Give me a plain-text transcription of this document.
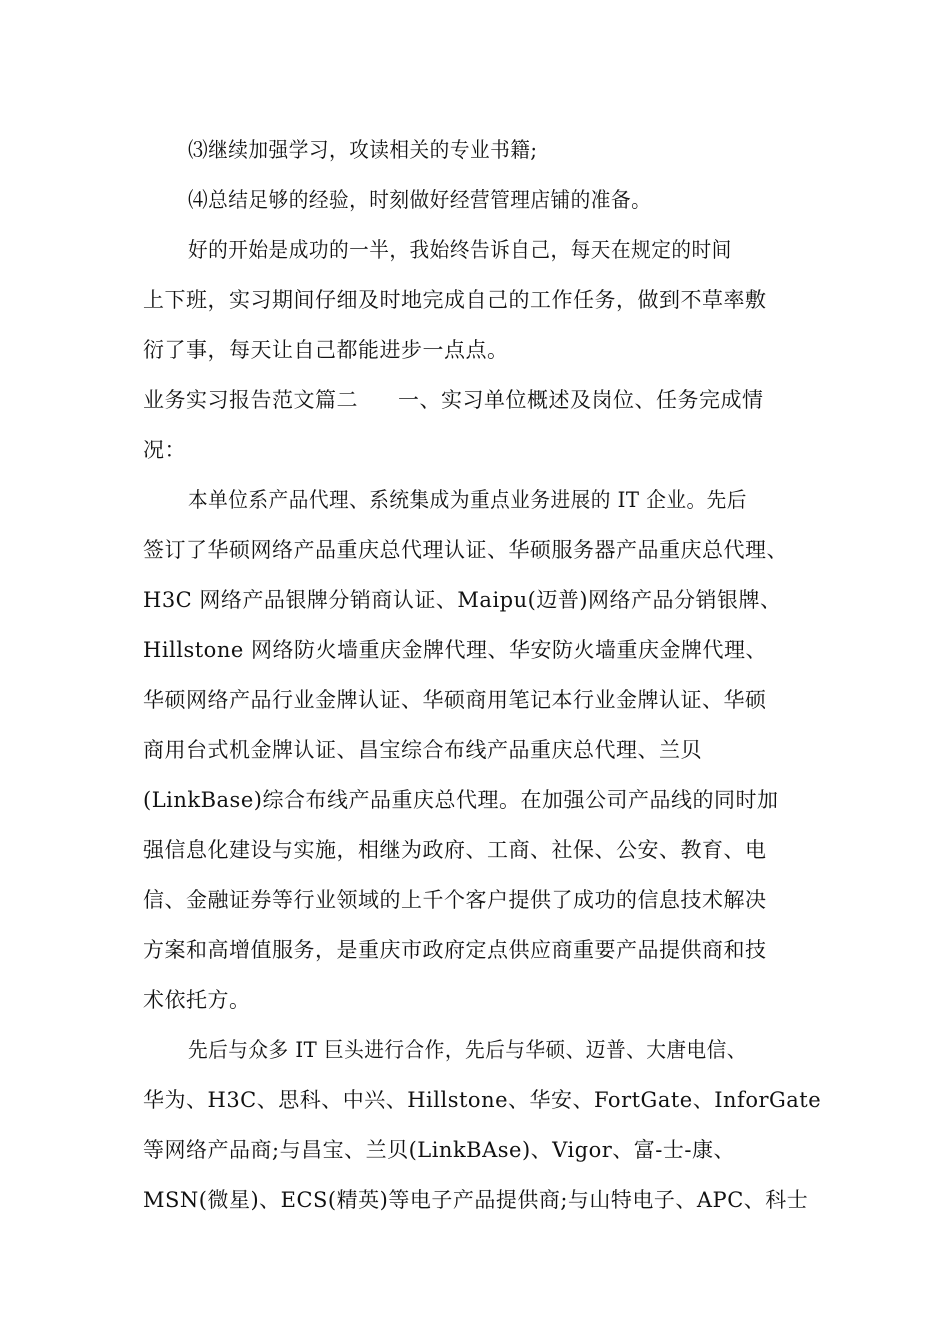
⑶继续加强学习，攻读相关的专业书籍;
⑷总结足够的经验，时刻做好经营管理店铺的准备。
好的开始是成功的一半，我始终告诉自己，每天在规定的时间
上下班，实习期间仔细及时地完成自己的工作任务，做到不草率敷
衍了事，每天让自己都能进步一点点。
业务实习报告范文篇二 一、实习单位概述及岗位、任务完成情
况：
本单位系产品代理、系统集成为重点业务进展的 IT 企业。先后
签订了华硕网络产品重庆总代理认证、华硕服务器产品重庆总代理、
H3C 网络产品银牌分销商认证、Maipu(迈普)网络产品分销银牌、
Hillstone 网络防火墙重庆金牌代理、华安防火墙重庆金牌代理、
华硕网络产品行业金牌认证、华硕商用笔记本行业金牌认证、华硕
商用台式机金牌认证、昌宝综合布线产品重庆总代理、兰贝
(LinkBase)综合布线产品重庆总代理。在加强公司产品线的同时加
强信息化建设与实施，相继为政府、工商、社保、公安、教育、电
信、金融证券等行业领域的上千个客户提供了成功的信息技术解决
方案和高增值服务，是重庆市政府定点供应商重要产品提供商和技
术依托方。
先后与众多 IT 巨头进行合作，先后与华硕、迈普、大唐电信、
华为、H3C、思科、中兴、Hillstone、华安、FortGate、InforGate
等网络产品商;与昌宝、兰贝(LinkBAse)、Vigor、富-士-康、
MSN(微星)、ECS(精英)等电子产品提供商;与山特电子、APC、科士
